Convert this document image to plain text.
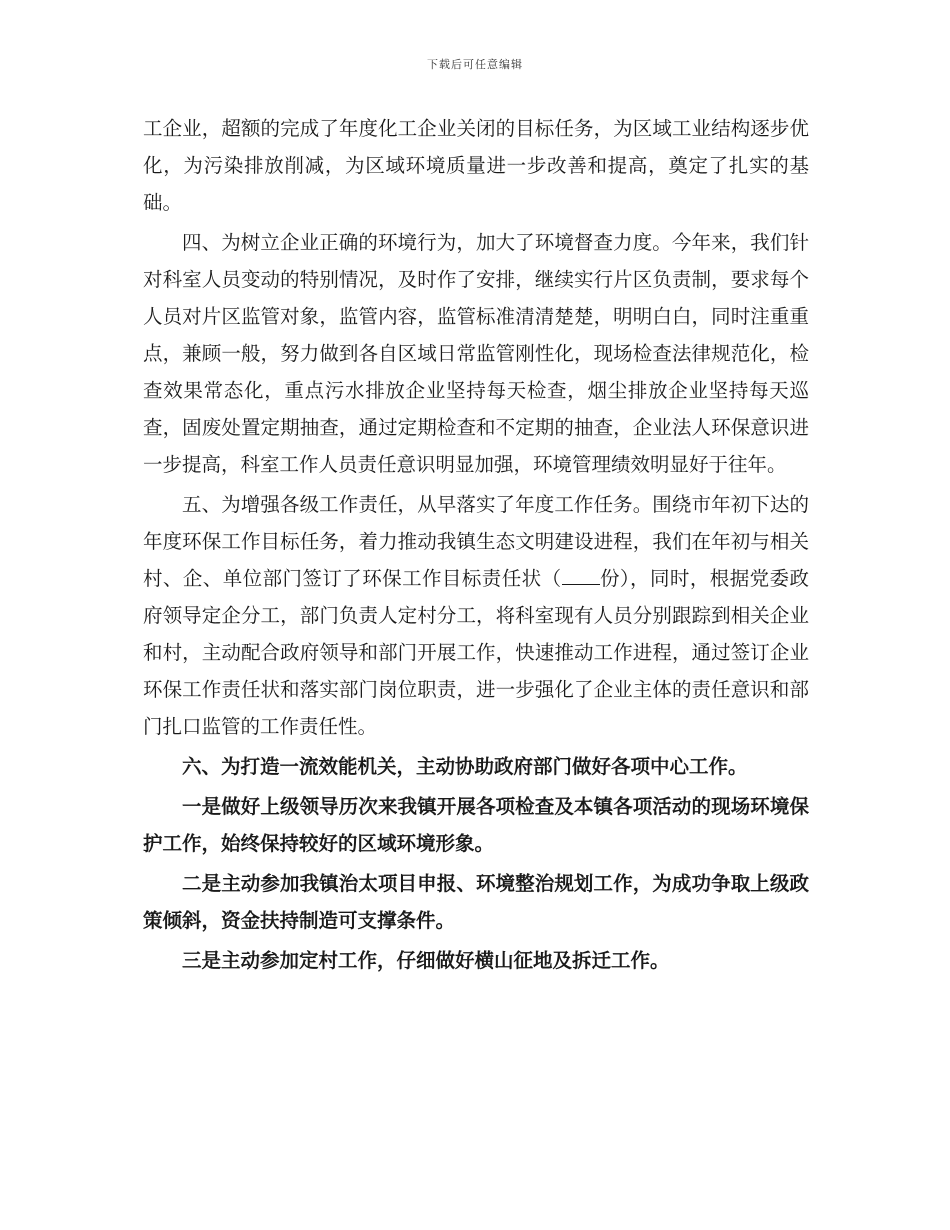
下载后可任意编辑

工企业，超额的完成了年度化工企业关闭的目标任务，为区域工业结构逐步优化，为污染排放削减，为区域环境质量进一步改善和提高，奠定了扎实的基础。

四、为树立企业正确的环境行为，加大了环境督查力度。今年来，我们针对科室人员变动的特别情况，及时作了安排，继续实行片区负责制，要求每个人员对片区监管对象，监管内容，监管标准清清楚楚，明明白白，同时注重重点，兼顾一般，努力做到各自区域日常监管刚性化，现场检查法律规范化，检查效果常态化，重点污水排放企业坚持每天检查，烟尘排放企业坚持每天巡查，固废处置定期抽查，通过定期检查和不定期的抽查，企业法人环保意识进一步提高，科室工作人员责任意识明显加强，环境管理绩效明显好于往年。

五、为增强各级工作责任，从早落实了年度工作任务。围绕市年初下达的年度环保工作目标任务，着力推动我镇生态文明建设进程，我们在年初与相关村、企、单位部门签订了环保工作目标责任状（ 份），同时，根据党委政府领导定企分工，部门负责人定村分工，将科室现有人员分别跟踪到相关企业和村，主动配合政府领导和部门开展工作，快速推动工作进程，通过签订企业环保工作责任状和落实部门岗位职责，进一步强化了企业主体的责任意识和部门扎口监管的工作责任性。

六、为打造一流效能机关，主动协助政府部门做好各项中心工作。

一是做好上级领导历次来我镇开展各项检查及本镇各项活动的现场环境保护工作，始终保持较好的区域环境形象。

二是主动参加我镇治太项目申报、环境整治规划工作，为成功争取上级政策倾斜，资金扶持制造可支撑条件。

三是主动参加定村工作，仔细做好横山征地及拆迁工作。
